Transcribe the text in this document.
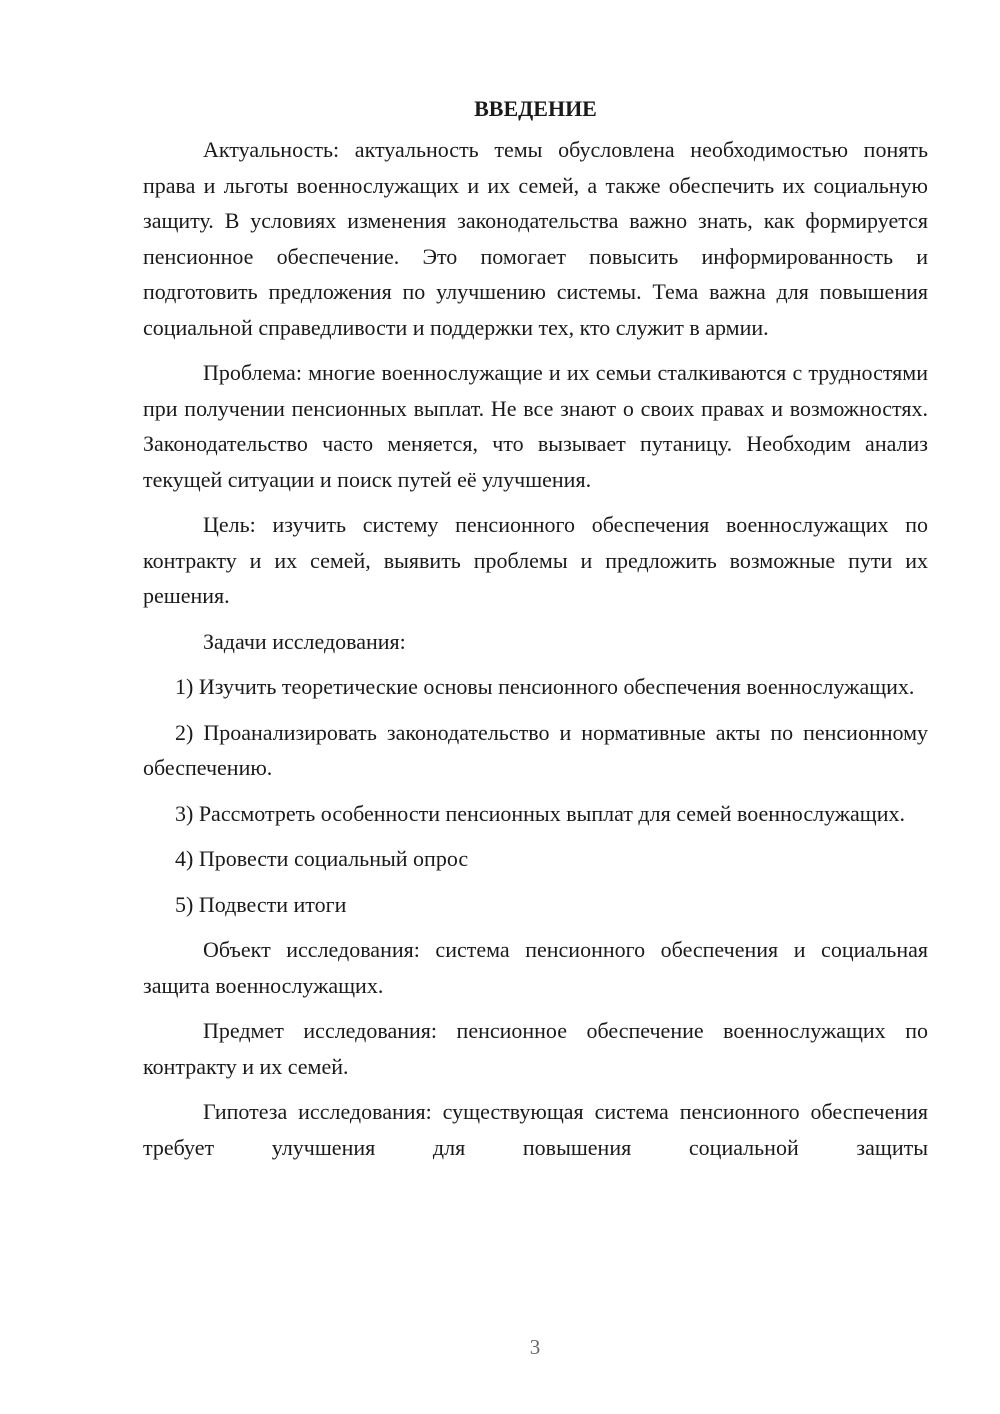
ВВЕДЕНИЕ

Актуальность: актуальность темы обусловлена необходимостью понять права и льготы военнослужащих и их семей, а также обеспечить их социальную защиту. В условиях изменения законодательства важно знать, как формируется пенсионное обеспечение. Это помогает повысить информированность и подготовить предложения по улучшению системы. Тема важна для повышения социальной справедливости и поддержки тех, кто служит в армии.

Проблема: многие военнослужащие и их семьи сталкиваются с трудностями при получении пенсионных выплат. Не все знают о своих правах и возможностях. Законодательство часто меняется, что вызывает путаницу. Необходим анализ текущей ситуации и поиск путей её улучшения.

Цель: изучить систему пенсионного обеспечения военнослужащих по контракту и их семей, выявить проблемы и предложить возможные пути их решения.

Задачи исследования:

1) Изучить теоретические основы пенсионного обеспечения военнослужащих.

2) Проанализировать законодательство и нормативные акты по пенсионному обеспечению.

3) Рассмотреть особенности пенсионных выплат для семей военнослужащих.

4) Провести социальный опрос

5) Подвести итоги

Объект исследования: система пенсионного обеспечения и социальная защита военнослужащих.

Предмет исследования: пенсионное обеспечение военнослужащих по контракту и их семей.

Гипотеза исследования: существующая система пенсионного обеспечения требует улучшения для повышения социальной защиты

3
